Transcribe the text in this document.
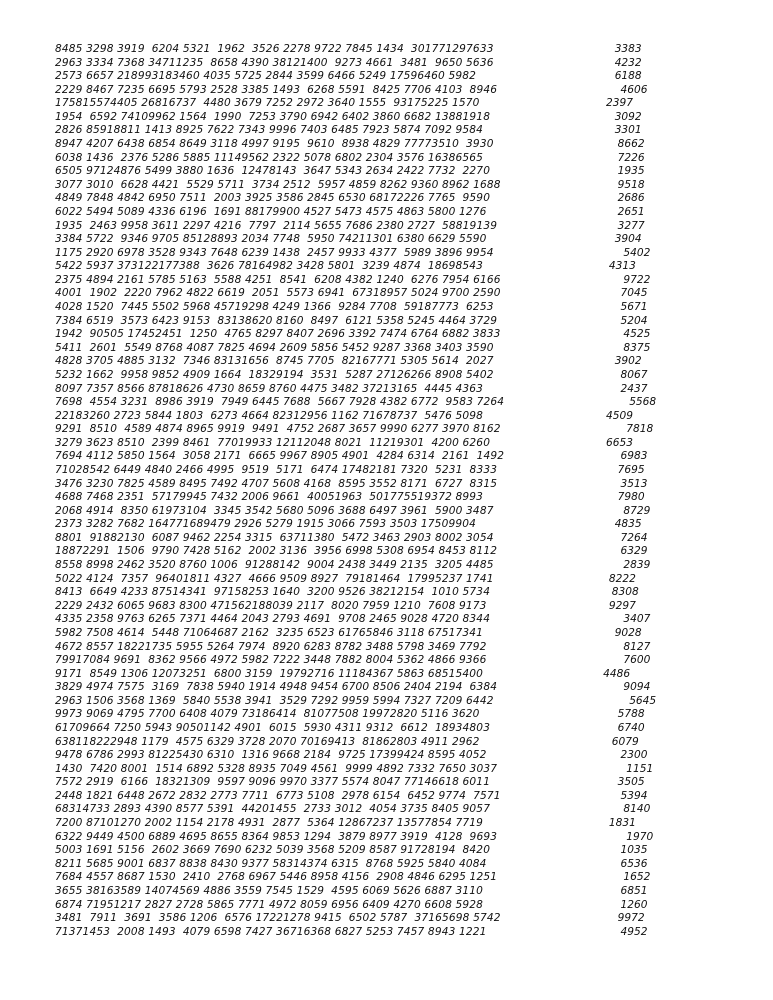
8485 3298 3919  6204 5321  1962  3526 2278 9722 7845 1434  301771297633	3383
2963 3334 7368 34711235  8658 4390 38121400  9273 4661  3481  9650 5636	4232
2573 6657 218993183460 4035 5725 2844 3599 6466 5249 17596460 5982	6188
2229 8467 7235 6695 5793 2528 3385 1493  6268 5591  8425 7706 4103  8946	4606
175815574405 26816737  4480 3679 7252 2972 3640 1555  93175225 1570	2397
1954  6592 74109962 1564  1990  7253 3790 6942 6402 3860 6682 13881918	3092
2826 85918811 1413 8925 7622 7343 9996 7403 6485 7923 5874 7092 9584	3301
8947 4207 6438 6854 8649 3118 4997 9195  9610  8938 4829 77773510  3930	8662
6038 1436  2376 5286 5885 11149562 2322 5078 6802 2304 3576 16386565	7226
6505 97124876 5499 3880 1636  12478143  3647 5343 2634 2422 7732  2270	1935
3077 3010  6628 4421  5529 5711  3734 2512  5957 4859 8262 9360 8962 1688	9518
4849 7848 4842 6950 7511  2003 3925 3586 2845 6530 68172226 7765  9590	2686
6022 5494 5089 4336 6196  1691 88179900 4527 5473 4575 4863 5800 1276	2651
1935  2463 9958 3611 2297 4216  7797  2114 5655 7686 2380 2727  58819139	3277
3384 5722  9346 9705 85128893 2034 7748  5950 74211301 6380 6629 5590	3904
1175 2920 6978 3528 9343 7648 6239 1438  2457 9933 4377  5989 3896 9954	5402
5422 5937 373122177388  3626 78164982 3428 5801  3239 4874  18698543	4313
2375 4894 2161 5785 5163  5588 4251  8541  6208 4382 1240  6276 7954 6166	9722
4001  1902  2220 7962 4822 6619  2051  5573 6941  67318957 5024 9700 2590	7045
4028 1520  7445 5502 5968 45719298 4249 1366  9284 7708  59187773  6253	5671
7384 6519  3573 6423 9153  83138620 8160  8497  6121 5358 5245 4464 3729	5204
1942  90505 17452451  1250  4765 8297 8407 2696 3392 7474 6764 6882 3833	4525
5411  2601  5549 8768 4087 7825 4694 2609 5856 5452 9287 3368 3403 3590	8375
4828 3705 4885 3132  7346 83131656  8745 7705  82167771 5305 5614  2027	3902
5232 1662  9958 9852 4909 1664  18329194  3531  5287 27126266 8908 5402	8067
8097 7357 8566 87818626 4730 8659 8760 4475 3482 37213165  4445 4363	2437
7698  4554 3231  8986 3919  7949 6445 7688  5667 7928 4382 6772  9583 7264	5568
22183260 2723 5844 1803  6273 4664 82312956 1162 71678737  5476 5098	4509
9291  8510  4589 4874 8965 9919  9491  4752 2687 3657 9990 6277 3970 8162	7818
3279 3623 8510  2399 8461  77019933 12112048 8021  11219301  4200 6260	6653
7694 4112 5850 1564  3058 2171  6665 9967 8905 4901  4284 6314  2161  1492	6983
71028542 6449 4840 2466 4995  9519  5171  6474 17482181 7320  5231  8333	7695
3476 3230 7825 4589 8495 7492 4707 5608 4168  8595 3552 8171  6727  8315	3513
4688 7468 2351  57179945 7432 2006 9661  40051963  501775519372 8993	7980
2068 4914  8350 61973104  3345 3542 5680 5096 3688 6497 3961  5900 3487	8729
2373 3282 7682 164771689479 2926 5279 1915 3066 7593 3503 17509904	4835
8801  91882130  6087 9462 2254 3315  63711380  5472 3463 2903 8002 3054	7264
18872291  1506  9790 7428 5162  2002 3136  3956 6998 5308 6954 8453 8112	6329
8558 8998 2462 3520 8760 1006  91288142  9004 2438 3449 2135  3205 4485	2839
5022 4124  7357  96401811 4327  4666 9509 8927  79181464  17995237 1741	8222
8413  6649 4233 87514341  97158253 1640  3200 9526 38212154  1010 5734	8308
2229 2432 6065 9683 8300 471562188039 2117  8020 7959 1210  7608 9173	9297
4335 2358 9763 6265 7371 4464 2043 2793 4691  9708 2465 9028 4720 8344	3407
5982 7508 4614  5448 71064687 2162  3235 6523 61765846 3118 67517341	9028
4672 8557 18221735 5955 5264 7974  8920 6283 8782 3488 5798 3469 7792	8127
79917084 9691  8362 9566 4972 5982 7222 3448 7882 8004 5362 4866 9366	7600
9171  8549 1306 12073251  6800 3159  19792716 11184367 5863 68515400	4486
3829 4974 7575  3169  7838 5940 1914 4948 9454 6700 8506 2404 2194  6384	9094
2963 1506 3568 1369  5840 5538 3941  3529 7292 9959 5994 7327 7209 6442	5645
9973 9069 4795 7700 6408 4079 73186414  81077508 19972820 5116 3620	5788
61709664 7250 5943 90501142 4901  6015  5930 4311 9312  6612  18934803	6740
638118222948 1179  4575 6329 3728 2070 70169413  81862803 4911 2962	6079
9478 6786 2993 81225430 6310  1316 9668 2184  9725 17399424 8595 4052	2300
1430  7420 8001  1514 6892 5328 8935 7049 4561  9999 4892 7332 7650 3037	1151
7572 2919  6166  18321309  9597 9096 9970 3377 5574 8047 77146618 6011	3505
2448 1821 6448 2672 2832 2773 7711  6773 5108  2978 6154  6452 9774  7571	5394
68314733 2893 4390 8577 5391  44201455  2733 3012  4054 3735 8405 9057	8140
7200 87101270 2002 1154 2178 4931  2877  5364 12867237 13577854 7719	1831
6322 9449 4500 6889 4695 8655 8364 9853 1294  3879 8977 3919  4128  9693	1970
5003 1691 5156  2602 3669 7690 6232 5039 3568 5209 8587 91728194  8420	1035
8211 5685 9001 6837 8838 8430 9377 58314374 6315  8768 5925 5840 4084	6536
7684 4557 8687 1530  2410  2768 6967 5446 8958 4156  2908 4846 6295 1251	1652
3655 38163589 14074569 4886 3559 7545 1529  4595 6069 5626 6887 3110	6851
6874 71951217 2827 2728 5865 7771 4972 8059 6956 6409 4270 6608 5928	1260
3481  7911  3691  3586 1206  6576 17221278 9415  6502 5787  37165698 5742	9972
71371453  2008 1493  4079 6598 7427 36716368 6827 5253 7457 8943 1221	4952
